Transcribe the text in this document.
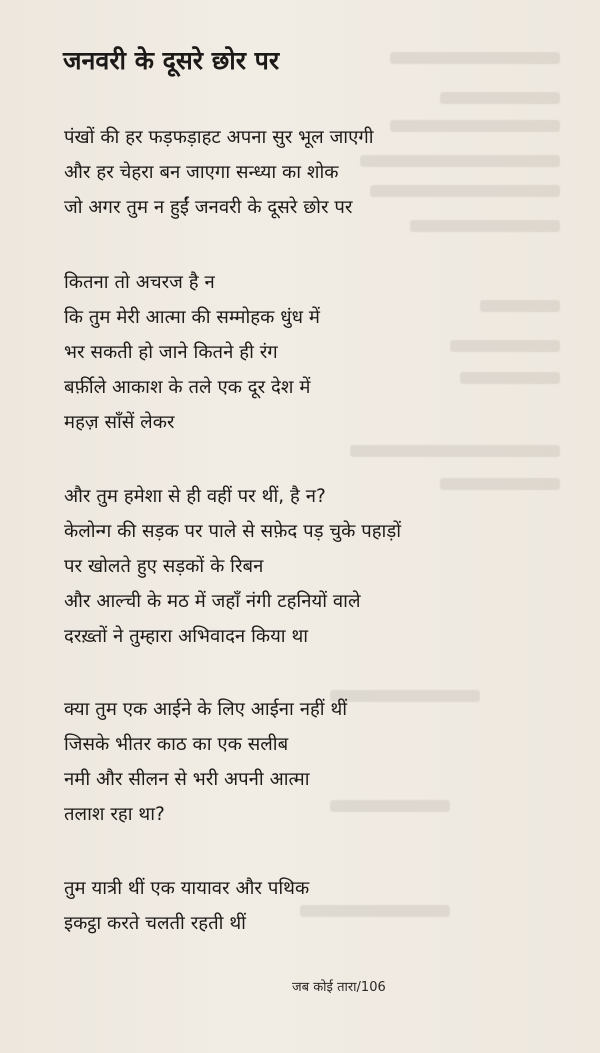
जनवरी के दूसरे छोर पर
पंखों की हर फड़फड़ाहट अपना सुर भूल जाएगी
और हर चेहरा बन जाएगा सन्ध्या का शोक
जो अगर तुम न हुईं जनवरी के दूसरे छोर पर
कितना तो अचरज है न
कि तुम मेरी आत्मा की सम्मोहक धुंध में
भर सकती हो जाने कितने ही रंग
बर्फ़ीले आकाश के तले एक दूर देश में
महज़ साँसें लेकर
और तुम हमेशा से ही वहीं पर थीं, है न?
केलोन्ग की सड़क पर पाले से सफ़ेद पड़ चुके पहाड़ों
पर खोलते हुए सड़कों के रिबन
और आल्ची के मठ में जहाँ नंगी टहनियों वाले
दरख़्तों ने तुम्हारा अभिवादन किया था
क्या तुम एक आईने के लिए आईना नहीं थीं
जिसके भीतर काठ का एक सलीब
नमी और सीलन से भरी अपनी आत्मा
तलाश रहा था?
तुम यात्री थीं एक यायावर और पथिक
इकट्ठा करते चलती रहती थीं
जब कोई तारा/106
